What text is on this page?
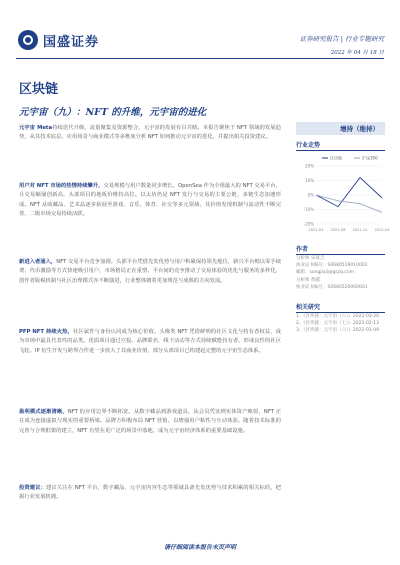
国盛证券	证券研究报告 | 行业专题研究
2022 年 04 月 18 日
区块链
元宇宙（九）：NFT 的升维，元宇宙的进化
元宇宙 Meta持续迭代升级，流量聚集及资源整合，元宇宙的发展有目共睹。本报告聚焦于 NFT 领域的发展趋势，从其技术底层、应用场景与商业模式等多维度分析 NFT 如何推动元宇宙的进化，并提出相关投资建议。
用户对 NFT 市场的热情持续攀升，交易规模与用户数量同步增长。OpenSea 作为全球最大的 NFT 交易平台，月交易额屡创新高，头部项目的地板价维持高位。以太坊仍是 NFT 发行与交易的主要公链，多链生态加速形成。NFT 从收藏品、艺术品逐步拓展至游戏、音乐、体育、社交等多元领域，其价值发现机制与流动性不断完善，二级市场交易持续活跃。
新进入者涌入，NFT 交易平台竞争加剧。头部平台凭借先发优势与用户积累保持领先地位，新兴平台则以零手续费、代币激励等方式快速吸引用户，市场格局正在重塑。平台间的竞争推动了交易体验的优化与服务的多样化，创作者版税机制与社区治理模式亦不断演进，行业整体朝着更加规范与成熟的方向发展。
PFP NFT 持续火热，社区属性与身份认同成为核心价值。头像类 NFT 凭借鲜明的社区文化与持有者权益，成为市场中最具代表性的品类。优质项目通过空投、品牌联名、线下活动等方式持续赋能持有者，形成良性的社区飞轮。IP 衍生开发与跨界合作进一步放大了其商业价值，部分头部项目已构建起完整的元宇宙生态体系。
盈利模式逐渐清晰，NFT 的应用边界不断拓宽。从数字藏品到游戏道具，从会员凭证到实体资产映射，NFT 正在成为连接虚拟与现实的重要桥梁。品牌方积极布局 NFT 营销，以增强用户粘性与互动体验。随着技术标准的完善与合规框架的建立，NFT 有望在更广泛的场景中落地，成为元宇宙经济体系的重要基础设施。
投资建议：建议关注在 NFT 平台、数字藏品、元宇宙内容生态等领域具备先发优势与技术积累的相关标的，把握行业发展机遇。
增持（维持）
行业走势
20%
10%
0%
-10%
-20%
2021-04 2021-08 2021-12 2022-04
区块链	沪深300
作者
分析师 宋嘉吉
执业证书编号：S0680519010002
邮箱：songjiaji@gszq.com
分析师 黄越
执业证书编号：S0680520060001
相关研究
1、《区块链：元宇宙（八）》2022-03-20
2、《区块链：元宇宙（七）》2022-02-13
3、《区块链：元宇宙（六）》2022-01-09
请仔细阅读本报告末页声明
